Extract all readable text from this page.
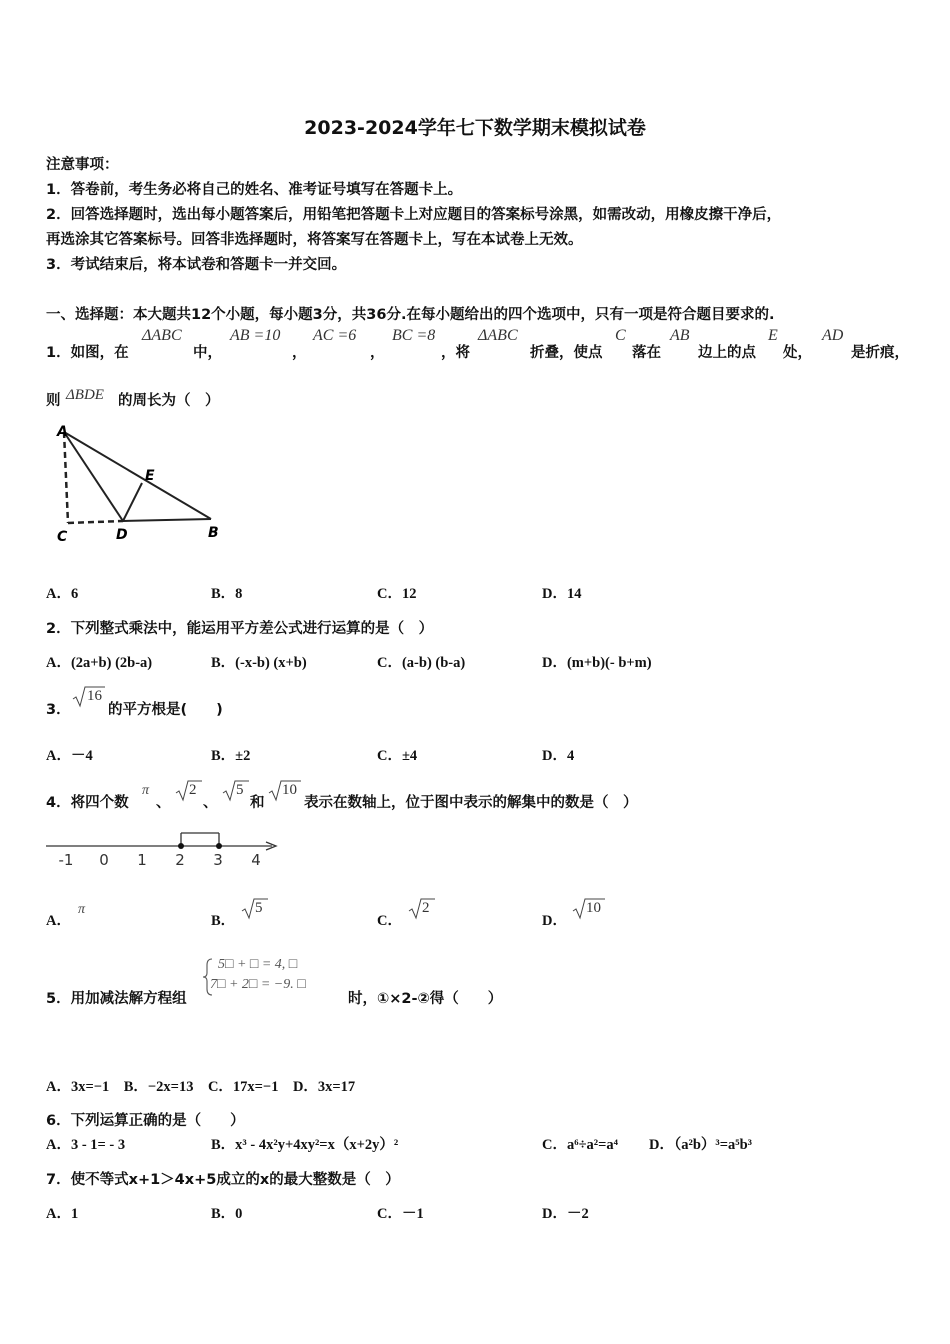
2023-2024学年七下数学期末模拟试卷
注意事项：
1．答卷前，考生务必将自己的姓名、准考证号填写在答题卡上。
2．回答选择题时，选出每小题答案后，用铅笔把答题卡上对应题目的答案标号涂黑，如需改动，用橡皮擦干净后，
再选涂其它答案标号。回答非选择题时，将答案写在答题卡上，写在本试卷上无效。
3．考试结束后，将本试卷和答题卡一并交回。
一、选择题：本大题共12个小题，每小题3分，共36分.在每小题给出的四个选项中，只有一项是符合题目要求的.
1．如图，在
ΔABC
中，
AB =10
，
AC =6
，
BC =8
，将
ΔABC
折叠，使点
C
落在
AB
边上的点
E
处，
AD
是折痕，
则 ΔBDE 的周长为（　）
A
E
C	D	B
A．6	B．8	C．12	D．14
2．下列整式乘法中，能运用平方差公式进行运算的是（　）
A．(2a+b) (2b-a)	B．(-x-b) (x+b)	C．(a-b) (b-a)	D．(m+b)(- b+m)
3．
16
的平方根是(　　)
A．－4	B．±2	C．±4	D．4
4．将四个数
π
、
2
、
5
和
10
表示在数轴上，位于图中表示的解集中的数是（　）
-1 0 1 2 3 4
A．
π
B．
5
C．
2
D．
10
5．用加减法解方程组
5□ + □ = 4, □
7□ + 2□ = −9. □
时，①×2-②得（　　）
A．3x=−1　B．−2x=13　C．17x=−1　D．3x=17
6．下列运算正确的是（　　）
A．3 - 1= - 3	B．x³ - 4x²y+4xy²=x（x+2y）²	C．a⁶÷a²=a⁴ D．（a²b）³=a⁵b³
7．使不等式x+1＞4x+5成立的x的最大整数是（　）
A．1	B．0	C．－1	D．－2
